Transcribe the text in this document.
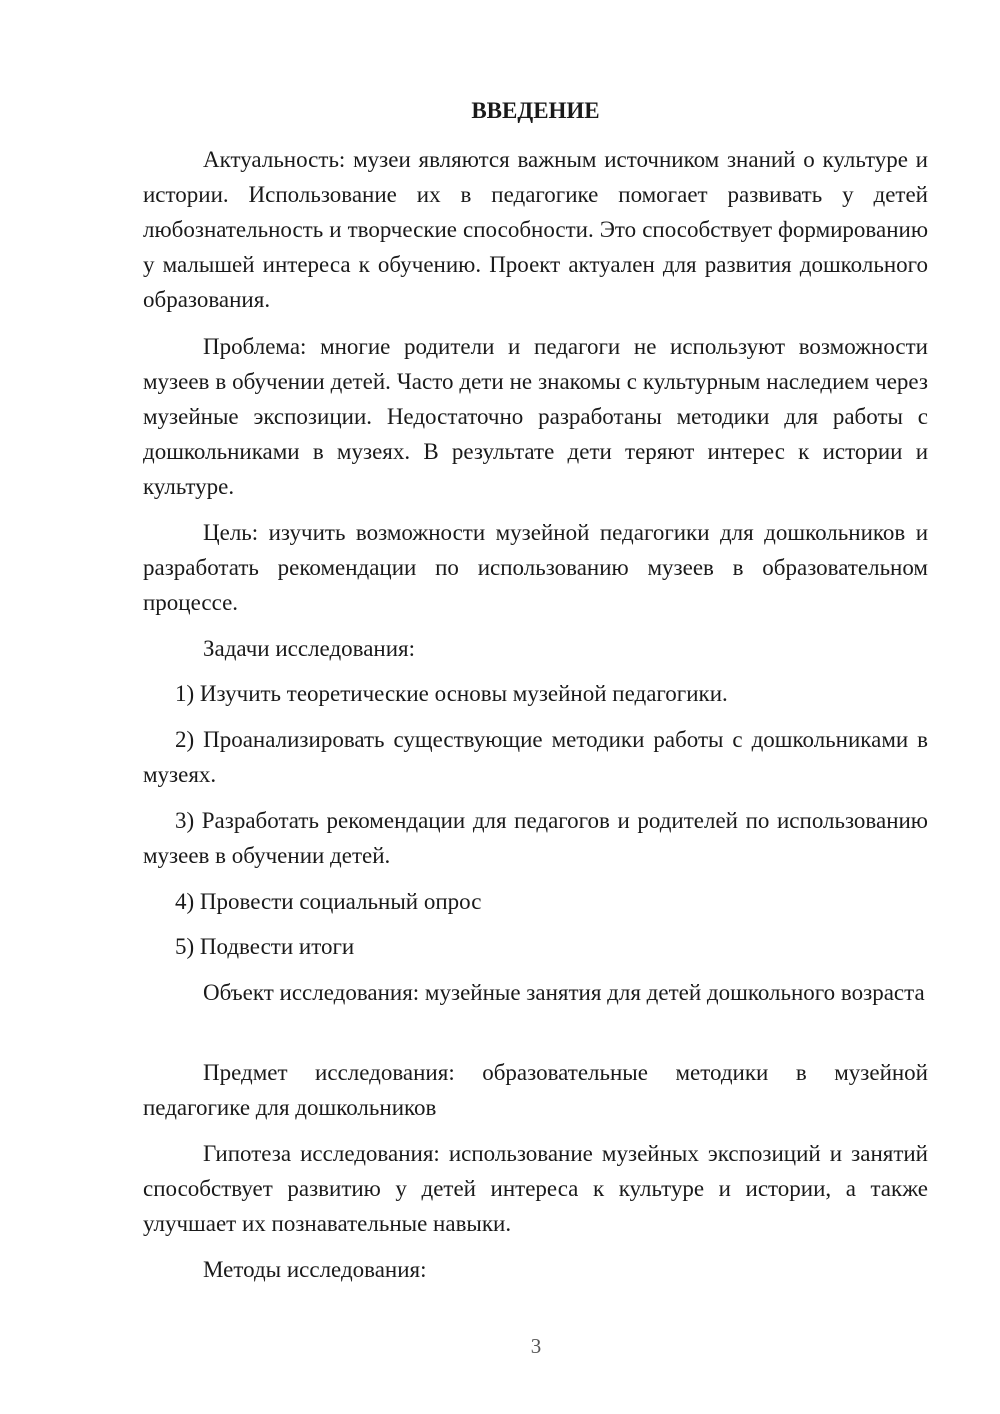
ВВЕДЕНИЕ

Актуальность: музеи являются важным источником знаний о культуре и истории. Использование их в педагогике помогает развивать у детей любознательность и творческие способности. Это способствует формированию у малышей интереса к обучению. Проект актуален для развития дошкольного образования.

Проблема: многие родители и педагоги не используют возможности музеев в обучении детей. Часто дети не знакомы с культурным наследием через музейные экспозиции. Недостаточно разработаны методики для работы с дошкольниками в музеях. В результате дети теряют интерес к истории и культуре.

Цель: изучить возможности музейной педагогики для дошкольников и разработать рекомендации по использованию музеев в образовательном процессе.

Задачи исследования:

1) Изучить теоретические основы музейной педагогики.

2) Проанализировать существующие методики работы с дошкольниками в музеях.

3) Разработать рекомендации для педагогов и родителей по использованию музеев в обучении детей.

4) Провести социальный опрос

5) Подвести итоги

Объект исследования: музейные занятия для детей дошкольного возраста

Предмет исследования: образовательные методики в музейной педагогике для дошкольников

Гипотеза исследования: использование музейных экспозиций и занятий способствует развитию у детей интереса к культуре и истории, а также улучшает их познавательные навыки.

Методы исследования:

3
